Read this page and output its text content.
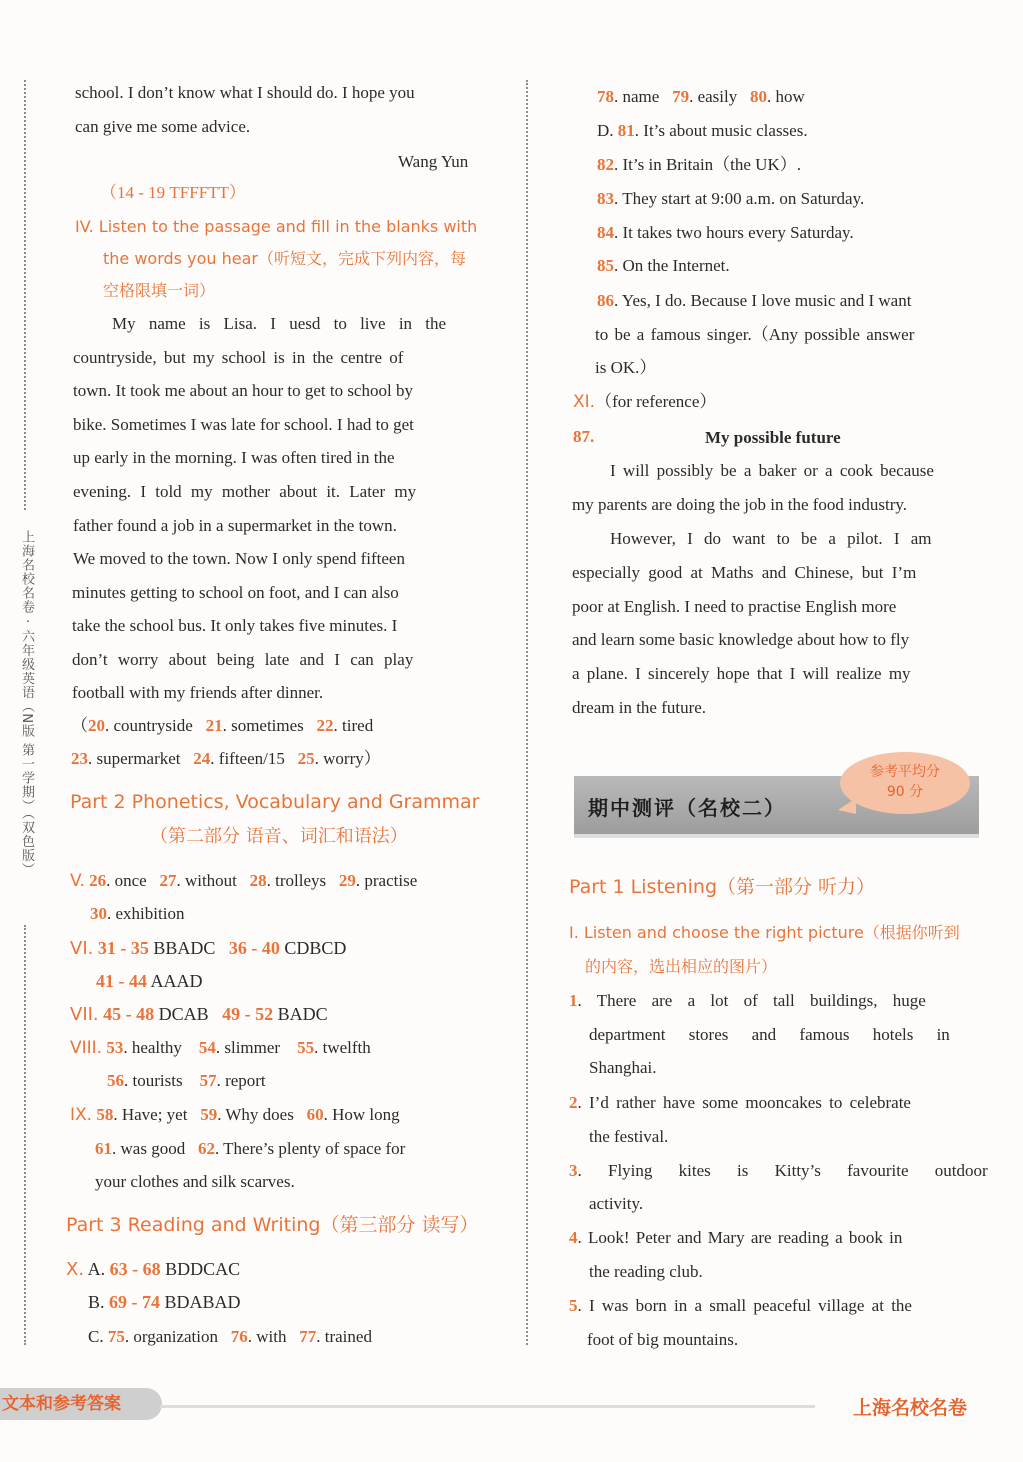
上海名校名卷 · 六年级英语（N版 第一学期）（双色版）
school. I don’t know what I should do. I hope you
can give me some advice.
Wang Yun
（14 - 19 TFFFTT）
IV. Listen to the passage and fill in the blanks with
the words you hear（听短文，完成下列内容，每
空格限填一词）
My name is Lisa. I uesd to live in the
countryside, but my school is in the centre of
town. It took me about an hour to get to school by
bike. Sometimes I was late for school. I had to get
up early in the morning. I was often tired in the
evening. I told my mother about it. Later my
father found a job in a supermarket in the town.
We moved to the town. Now I only spend fifteen
minutes getting to school on foot, and I can also
take the school bus. It only takes five minutes. I
don’t worry about being late and I can play
football with my friends after dinner.
（20. countryside 21. sometimes 22. tired
23. supermarket 24. fifteen/15 25. worry）
Part 2 Phonetics, Vocabulary and Grammar
（第二部分 语音、词汇和语法）
V. 26. once 27. without 28. trolleys 29. practise
30. exhibition
VI. 31 - 35 BBADC 36 - 40 CDBCD
41 - 44 AAAD
VII. 45 - 48 DCAB 49 - 52 BADC
VIII. 53. healthy 54. slimmer 55. twelfth
56. tourists 57. report
IX. 58. Have; yet 59. Why does 60. How long
61. was good 62. There’s plenty of space for
your clothes and silk scarves.
Part 3 Reading and Writing（第三部分 读写）
X. A. 63 - 68 BDDCAC
B. 69 - 74 BDABAD
C. 75. organization 76. with 77. trained
78. name 79. easily 80. how
D. 81. It’s about music classes.
82. It’s in Britain（the UK）.
83. They start at 9:00 a.m. on Saturday.
84. It takes two hours every Saturday.
85. On the Internet.
86. Yes, I do. Because I love music and I want
to be a famous singer.（Any possible answer
is OK.）
XI.（for reference）
87.	My possible future
I will possibly be a baker or a cook because
my parents are doing the job in the food industry.
However, I do want to be a pilot. I am
especially good at Maths and Chinese, but I’m
poor at English. I need to practise English more
and learn some basic knowledge about how to fly
a plane. I sincerely hope that I will realize my
dream in the future.
期中测评（名校二）
参考平均分
90 分
Part 1 Listening（第一部分 听力）
I. Listen and choose the right picture（根据你听到
的内容，选出相应的图片）
1. There are a lot of tall buildings, huge
department stores and famous hotels in
Shanghai.
2. I’d rather have some mooncakes to celebrate
the festival.
3. Flying kites is Kitty’s favourite outdoor
activity.
4. Look! Peter and Mary are reading a book in
the reading club.
5. I was born in a small peaceful village at the
foot of big mountains.
文本和参考答案	上海名校名卷
